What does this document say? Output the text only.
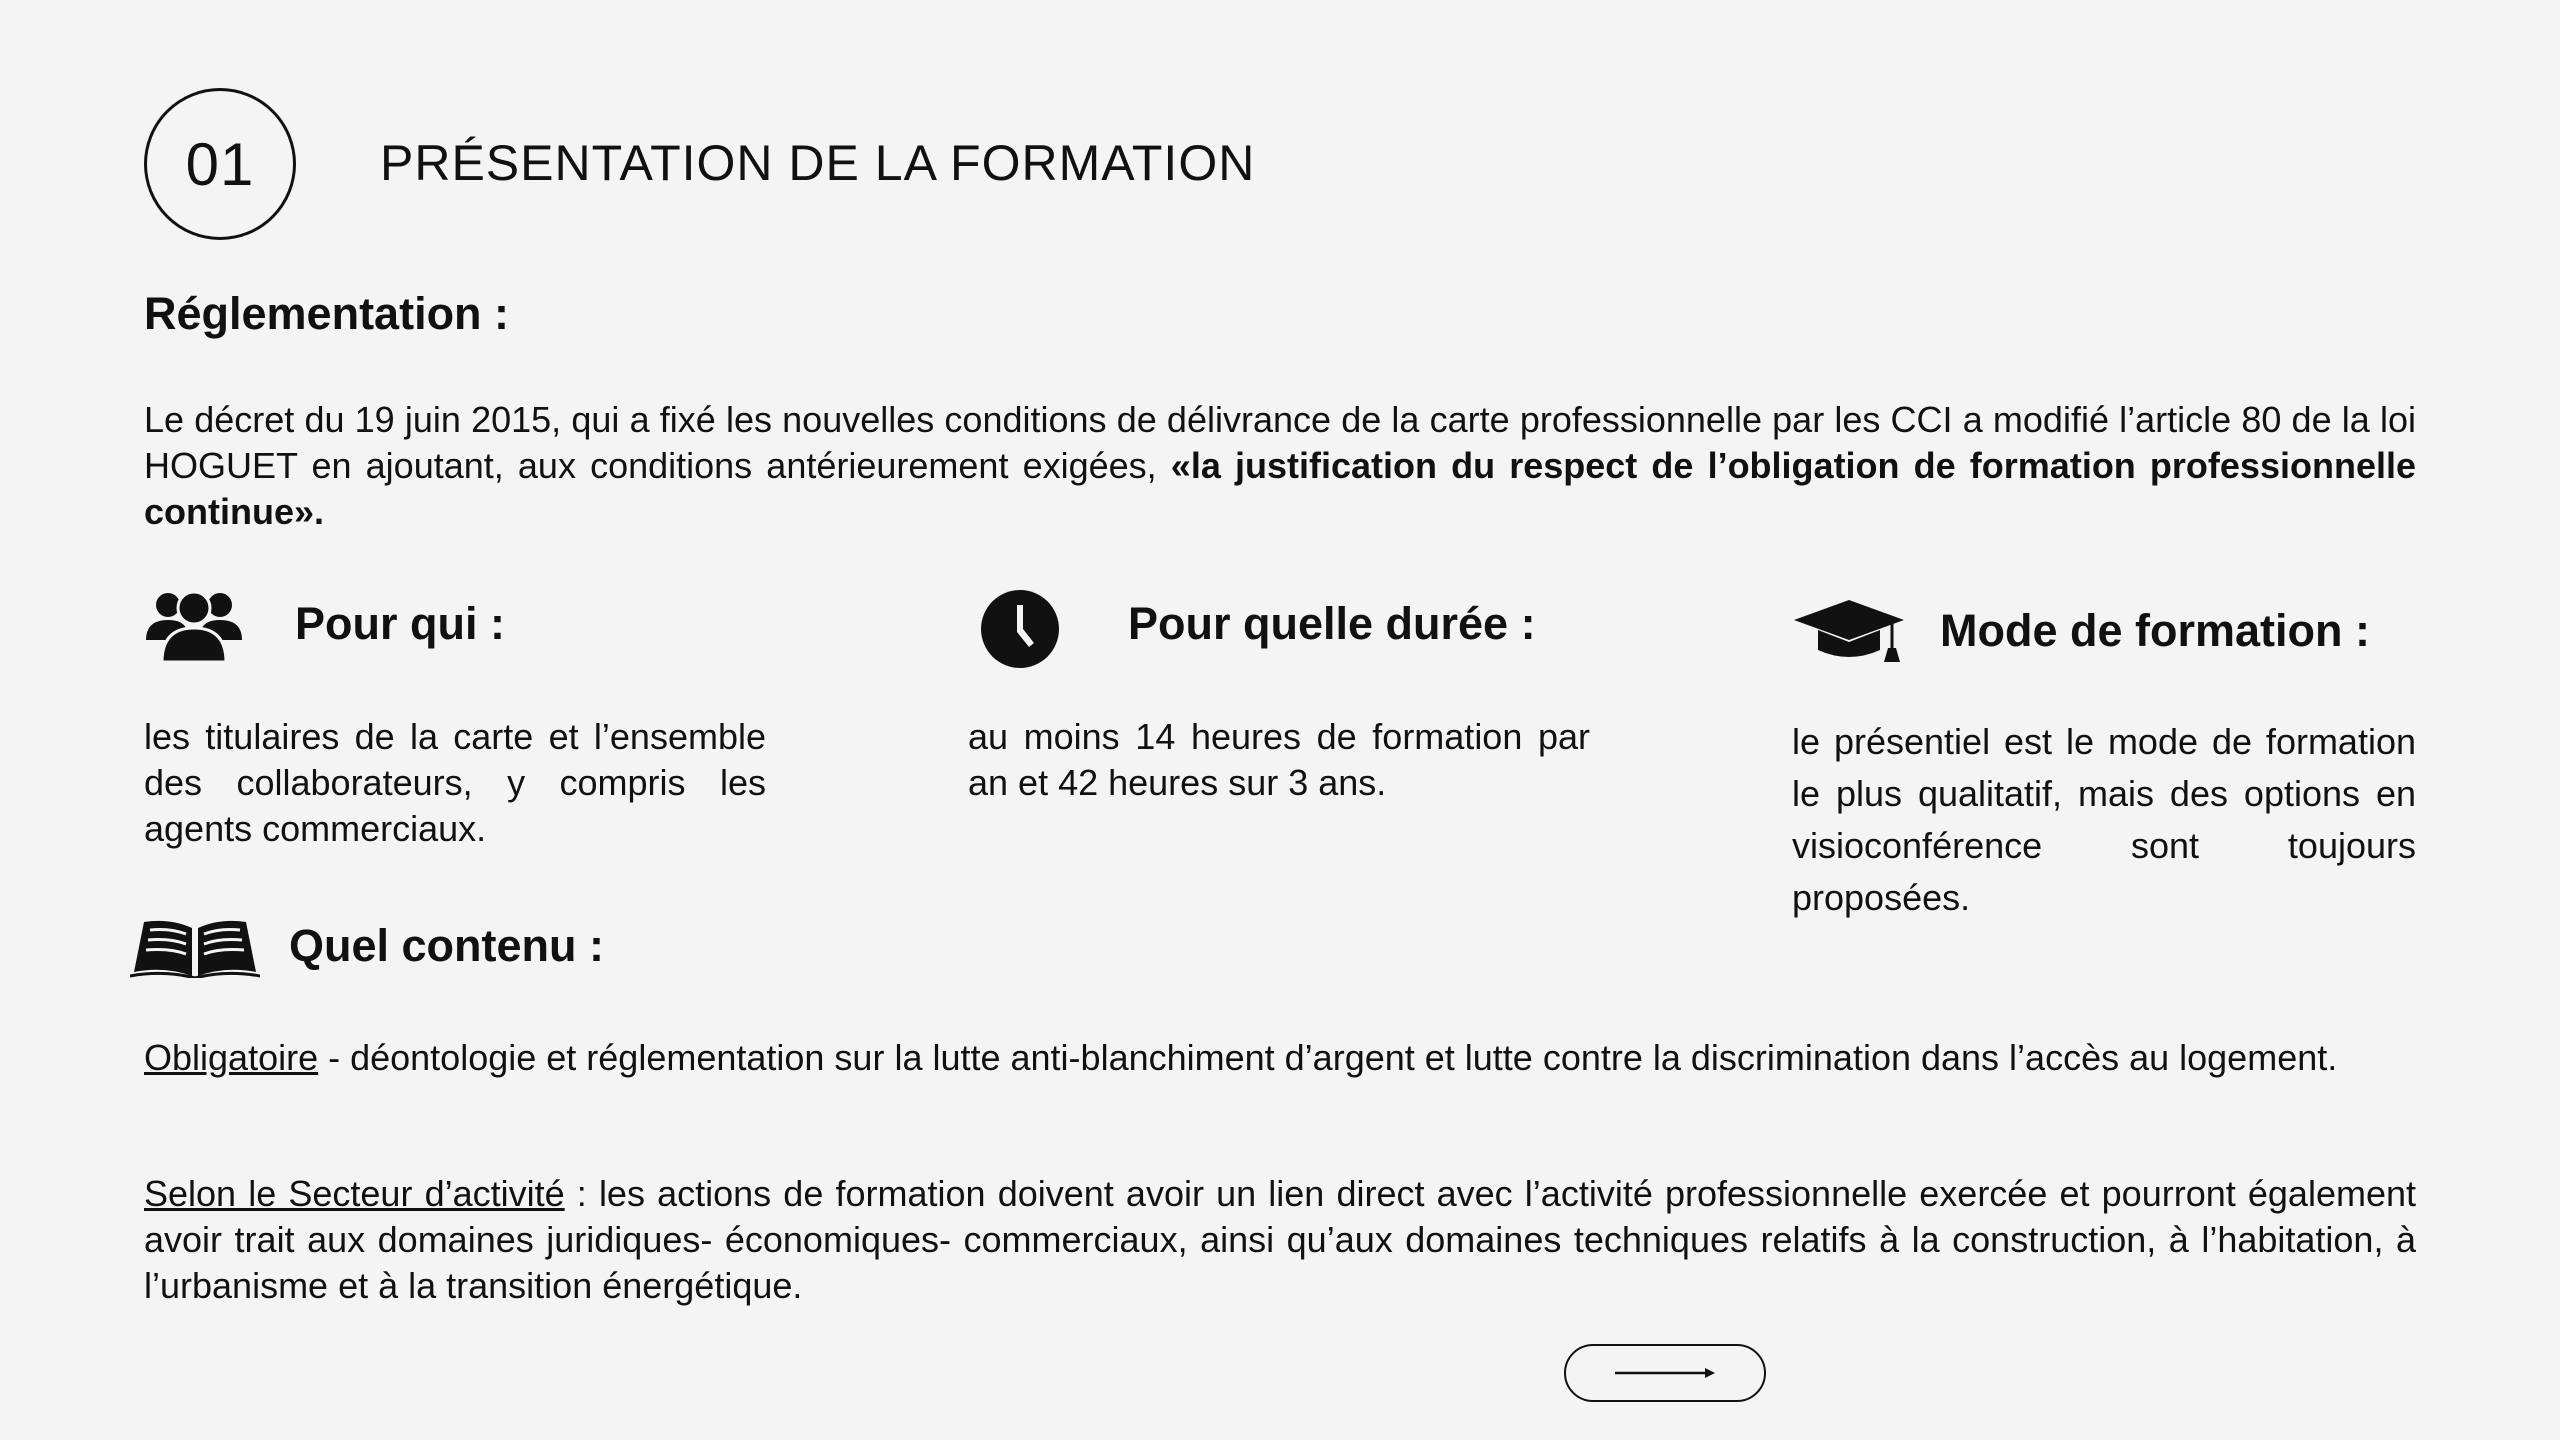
01	PRÉSENTATION DE LA FORMATION
Réglementation :

Le décret du 19 juin 2015, qui a fixé les nouvelles conditions de délivrance de la carte professionnelle par les CCI a modifié l’article 80 de la loi HOGUET en ajoutant, aux conditions antérieurement exigées, «la justification du respect de l’obligation de formation professionnelle continue».

Pour qui :

les titulaires de la carte et l’ensemble des collaborateurs, y compris les agents commerciaux.

Pour quelle durée :

au moins 14 heures de formation par an et 42 heures sur 3 ans.

Mode de formation :

le présentiel est le mode de formation le plus qualitatif, mais des options en visioconférence sont toujours proposées.

Quel contenu :

Obligatoire - déontologie et réglementation sur la lutte anti-blanchiment d’argent et lutte contre la discrimination dans l’accès au logement.

Selon le Secteur d’activité : les actions de formation doivent avoir un lien direct avec l’activité professionnelle exercée et pourront également avoir trait aux domaines juridiques- économiques- commerciaux, ainsi qu’aux domaines techniques relatifs à la construction, à l’habitation, à l’urbanisme et à la transition énergétique.
